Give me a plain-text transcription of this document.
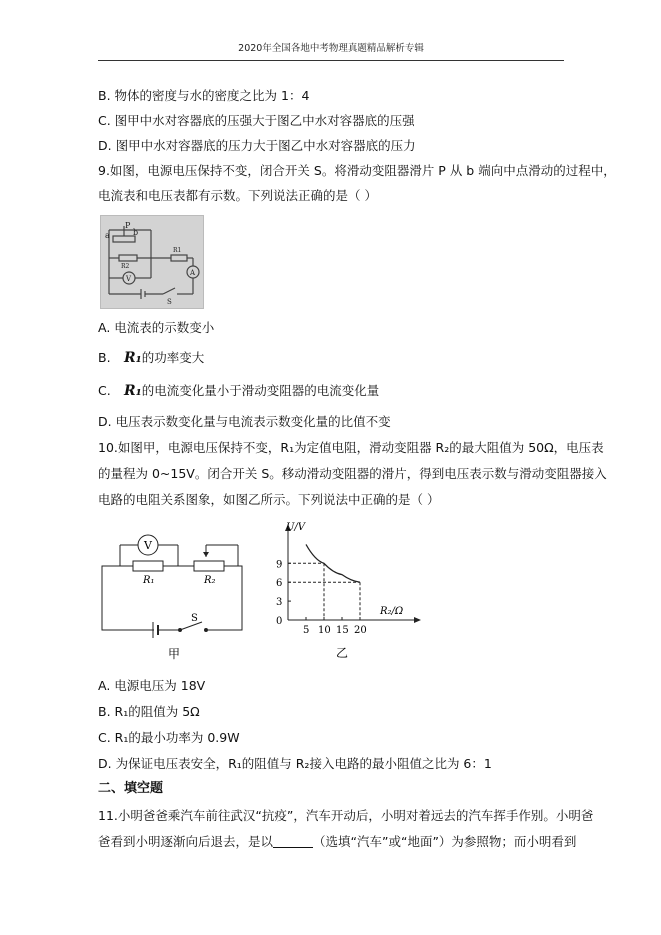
2020年全国各地中考物理真题精品解析专辑
B. 物体的密度与水的密度之比为 1：4
C. 图甲中水对容器底的压强大于图乙中水对容器底的压强
D. 图甲中水对容器底的压力大于图乙中水对容器底的压力
9.如图，电源电压保持不变，闭合开关 S。将滑动变阻器滑片 P 从 b 端向中点滑动的过程中，
电流表和电压表都有示数。下列说法正确的是（ ）
a
P
b
R2
R1
V
A
S
A. 电流表的示数变小
B. R₁的功率变大
C. R₁的电流变化量小于滑动变阻器的电流变化量
D. 电压表示数变化量与电流表示数变化量的比值不变
10.如图甲，电源电压保持不变，R₁为定值电阻，滑动变阻器 R₂的最大阻值为 50Ω，电压表
的量程为 0~15V。闭合开关 S。移动滑动变阻器的滑片，得到电压表示数与滑动变阻器接入
电路的电阻关系图象，如图乙所示。下列说法中正确的是（ ）
V
R₁	R₂
S
甲
9
6
3
0
5 10 15 20
U/V
R₂/Ω
乙
A. 电源电压为 18V
B. R₁的阻值为 5Ω
C. R₁的最小功率为 0.9W
D. 为保证电压表安全，R₁的阻值与 R₂接入电路的最小阻值之比为 6：1
二、填空题
11.小明爸爸乘汽车前往武汉“抗疫”，汽车开动后，小明对着远去的汽车挥手作别。小明爸
爸看到小明逐渐向后退去，是以	（选填“汽车”或“地面”）为参照物；而小明看到
